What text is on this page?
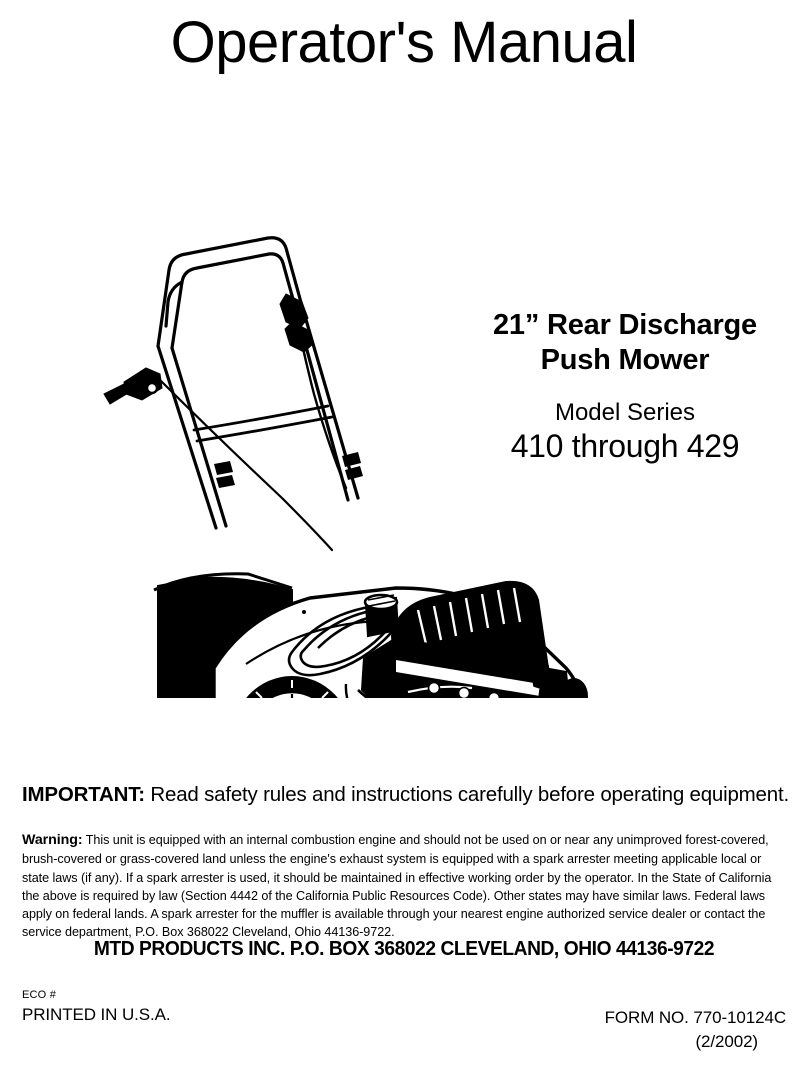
Operator's Manual
21” Rear Discharge
Push Mower
Model Series
410 through 429
IMPORTANT: Read safety rules and instructions carefully before operating equipment.
Warning: This unit is equipped with an internal combustion engine and should not be used on or near any unimproved forest-covered, brush-covered or grass-covered land unless the engine's exhaust system is equipped with a spark arrester meeting applicable local or state laws (if any). If a spark arrester is used, it should be maintained in effective working order by the operator. In the State of California the above is required by law (Section 4442 of the California Public Resources Code). Other states may have similar laws. Federal laws apply on federal lands. A spark arrester for the muffler is available through your nearest engine authorized service dealer or contact the service department, P.O. Box 368022 Cleveland, Ohio 44136-9722.
MTD PRODUCTS INC. P.O. BOX 368022 CLEVELAND, OHIO 44136-9722
ECO #
PRINTED IN U.S.A.	FORM NO. 770-10124C
(2/2002)
